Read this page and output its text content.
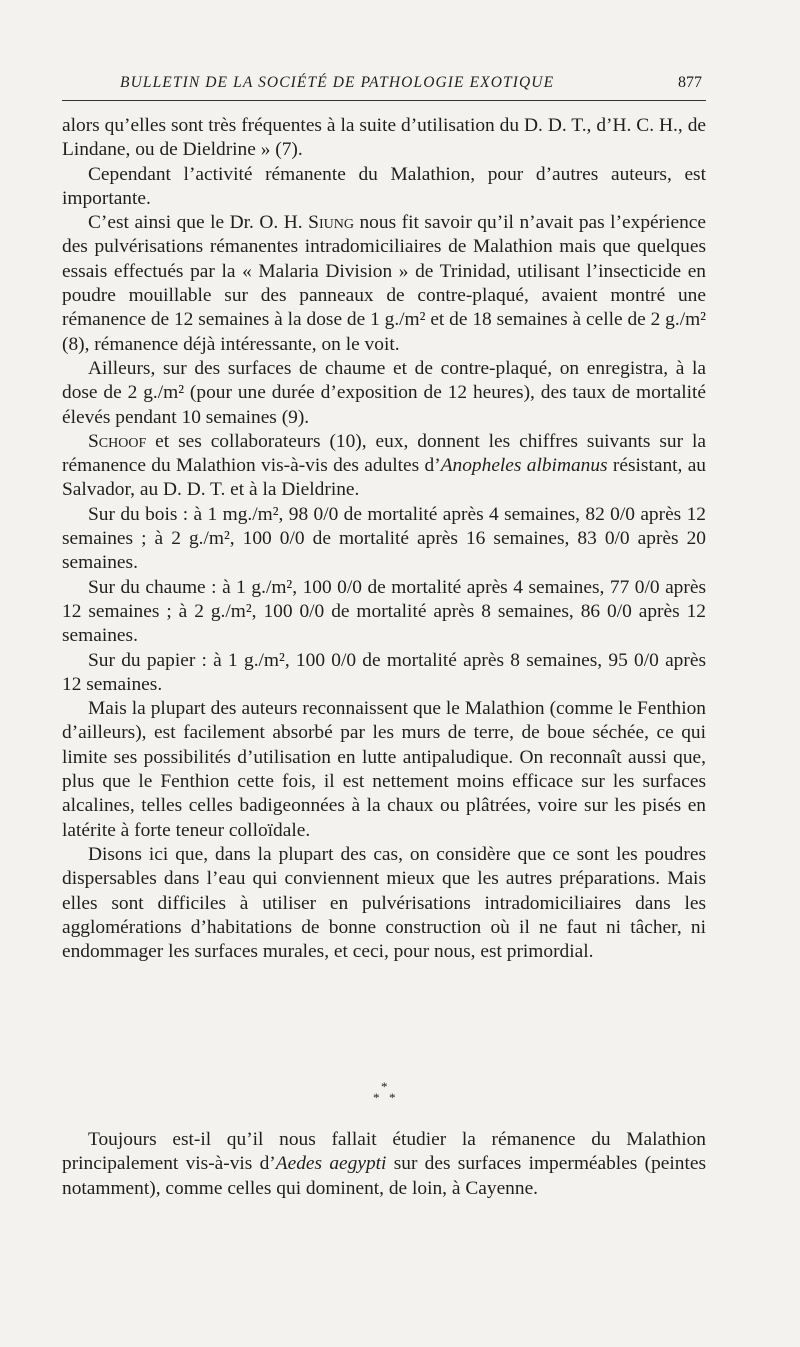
BULLETIN DE LA SOCIÉTÉ DE PATHOLOGIE EXOTIQUE	877

alors qu’elles sont très fréquentes à la suite d’utilisation du D. D. T., d’H. C. H., de Lindane, ou de Dieldrine » (7).

Cependant l’activité rémanente du Malathion, pour d’autres auteurs, est importante.

C’est ainsi que le Dr. O. H. Siung nous fit savoir qu’il n’avait pas l’expérience des pulvérisations rémanentes intradomiciliaires de Malathion mais que quelques essais effectués par la « Malaria Division » de Trinidad, utilisant l’insecticide en poudre mouillable sur des panneaux de contre-plaqué, avaient montré une rémanence de 12 semaines à la dose de 1 g./m² et de 18 semaines à celle de 2 g./m² (8), rémanence déjà intéressante, on le voit.

Ailleurs, sur des surfaces de chaume et de contre-plaqué, on enregistra, à la dose de 2 g./m² (pour une durée d’exposition de 12 heures), des taux de mortalité élevés pendant 10 semaines (9).

Schoof et ses collaborateurs (10), eux, donnent les chiffres suivants sur la rémanence du Malathion vis-à-vis des adultes d’Anopheles albimanus résistant, au Salvador, au D. D. T. et à la Dieldrine.

Sur du bois : à 1 mg./m², 98 0/0 de mortalité après 4 semaines, 82 0/0 après 12 semaines ; à 2 g./m², 100 0/0 de mortalité après 16 semaines, 83 0/0 après 20 semaines.

Sur du chaume : à 1 g./m², 100 0/0 de mortalité après 4 semaines, 77 0/0 après 12 semaines ; à 2 g./m², 100 0/0 de mortalité après 8 semaines, 86 0/0 après 12 semaines.

Sur du papier : à 1 g./m², 100 0/0 de mortalité après 8 semaines, 95 0/0 après 12 semaines.

Mais la plupart des auteurs reconnaissent que le Malathion (comme le Fenthion d’ailleurs), est facilement absorbé par les murs de terre, de boue séchée, ce qui limite ses possibilités d’utilisation en lutte antipaludique. On reconnaît aussi que, plus que le Fenthion cette fois, il est nettement moins efficace sur les surfaces alcalines, telles celles badigeonnées à la chaux ou plâtrées, voire sur les pisés en latérite à forte teneur colloïdale.

Disons ici que, dans la plupart des cas, on considère que ce sont les poudres dispersables dans l’eau qui conviennent mieux que les autres préparations. Mais elles sont difficiles à utiliser en pulvérisations intradomiciliaires dans les agglomérations d’habitations de bonne construction où il ne faut ni tâcher, ni endommager les surfaces murales, et ceci, pour nous, est primordial.

*
* *

Toujours est-il qu’il nous fallait étudier la rémanence du Malathion principalement vis-à-vis d’Aedes aegypti sur des surfaces imperméables (peintes notamment), comme celles qui dominent, de loin, à Cayenne.
